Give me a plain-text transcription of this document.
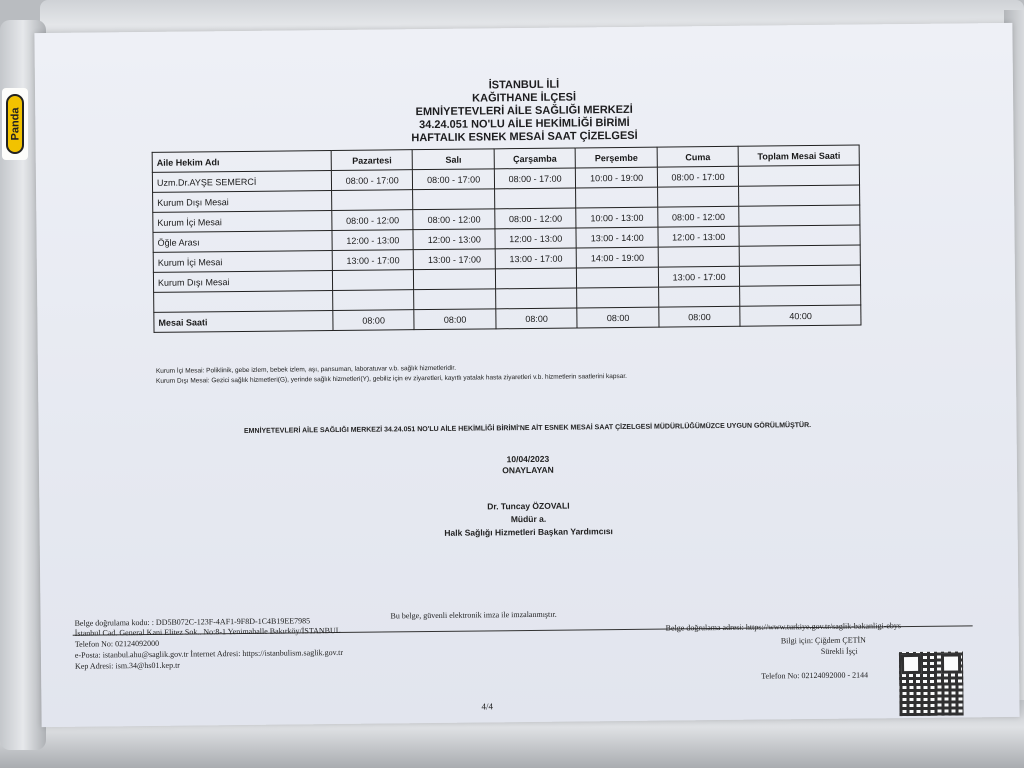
Panda
İSTANBUL İLİ
KAĞITHANE İLÇESİ
EMNİYETEVLERİ AİLE SAĞLIĞI MERKEZİ
34.24.051 NO'LU AİLE HEKİMLİĞİ BİRİMİ
HAFTALIK ESNEK MESAİ SAAT ÇİZELGESİ
Aile Hekim Adı	Pazartesi	Salı	Çarşamba	Perşembe	Cuma	Toplam Mesai Saati
Uzm.Dr.AYŞE SEMERCİ	08:00 - 17:00	08:00 - 17:00	08:00 - 17:00	10:00 - 19:00	08:00 - 17:00	
Kurum Dışı Mesai						
Kurum İçi Mesai	08:00 - 12:00	08:00 - 12:00	08:00 - 12:00	10:00 - 13:00	08:00 - 12:00	
Öğle Arası	12:00 - 13:00	12:00 - 13:00	12:00 - 13:00	13:00 - 14:00	12:00 - 13:00	
Kurum İçi Mesai	13:00 - 17:00	13:00 - 17:00	13:00 - 17:00	14:00 - 19:00		
Kurum Dışı Mesai					13:00 - 17:00	

Mesai Saati	08:00	08:00	08:00	08:00	08:00	40:00
Kurum İçi Mesai: Poliklinik, gebe izlem, bebek izlem, aşı, pansuman, laboratuvar v.b. sağlık hizmetleridir.
Kurum Dışı Mesai: Gezici sağlık hizmetleri(G), yerinde sağlık hizmetleri(Y), gebiliz için ev ziyaretleri, kayıtlı yatalak hasta ziyaretleri v.b. hizmetlerin saatlerini kapsar.
EMNİYETEVLERİ AİLE SAĞLIĞI MERKEZİ 34.24.051 NO'LU AİLE HEKİMLİĞİ BİRİMİ'NE AİT ESNEK MESAİ SAAT ÇİZELGESİ MÜDÜRLÜĞÜMÜZCE UYGUN GÖRÜLMÜŞTÜR.
10/04/2023
ONAYLAYAN
Dr. Tuncay ÖZOVALI
Müdür a.
Halk Sağlığı Hizmetleri Başkan Yardımcısı
Bu belge, güvenli elektronik imza ile imzalanmıştır.
Belge doğrulama kodu: : DD5B072C-123F-4AF1-9F8D-1C4B19EE7985
İstanbul Cad. General Kani Elitez Sok.. No:8-1 Yenimahalle Bakırköy/İSTANBUL	Belge doğrulama adresi: https://www.turkiye.gov.tr/saglik-bakanligi-ebys
Telefon No: 02124092000
e-Posta: istanbul.ahu@saglik.gov.tr İnternet Adresi: https://istanbulism.saglik.gov.tr
Kep Adresi: ism.34@hs01.kep.tr
Bilgi için: Çiğdem ÇETİN
Sürekli İşçi
Telefon No: 02124092000 - 2144
4/4
